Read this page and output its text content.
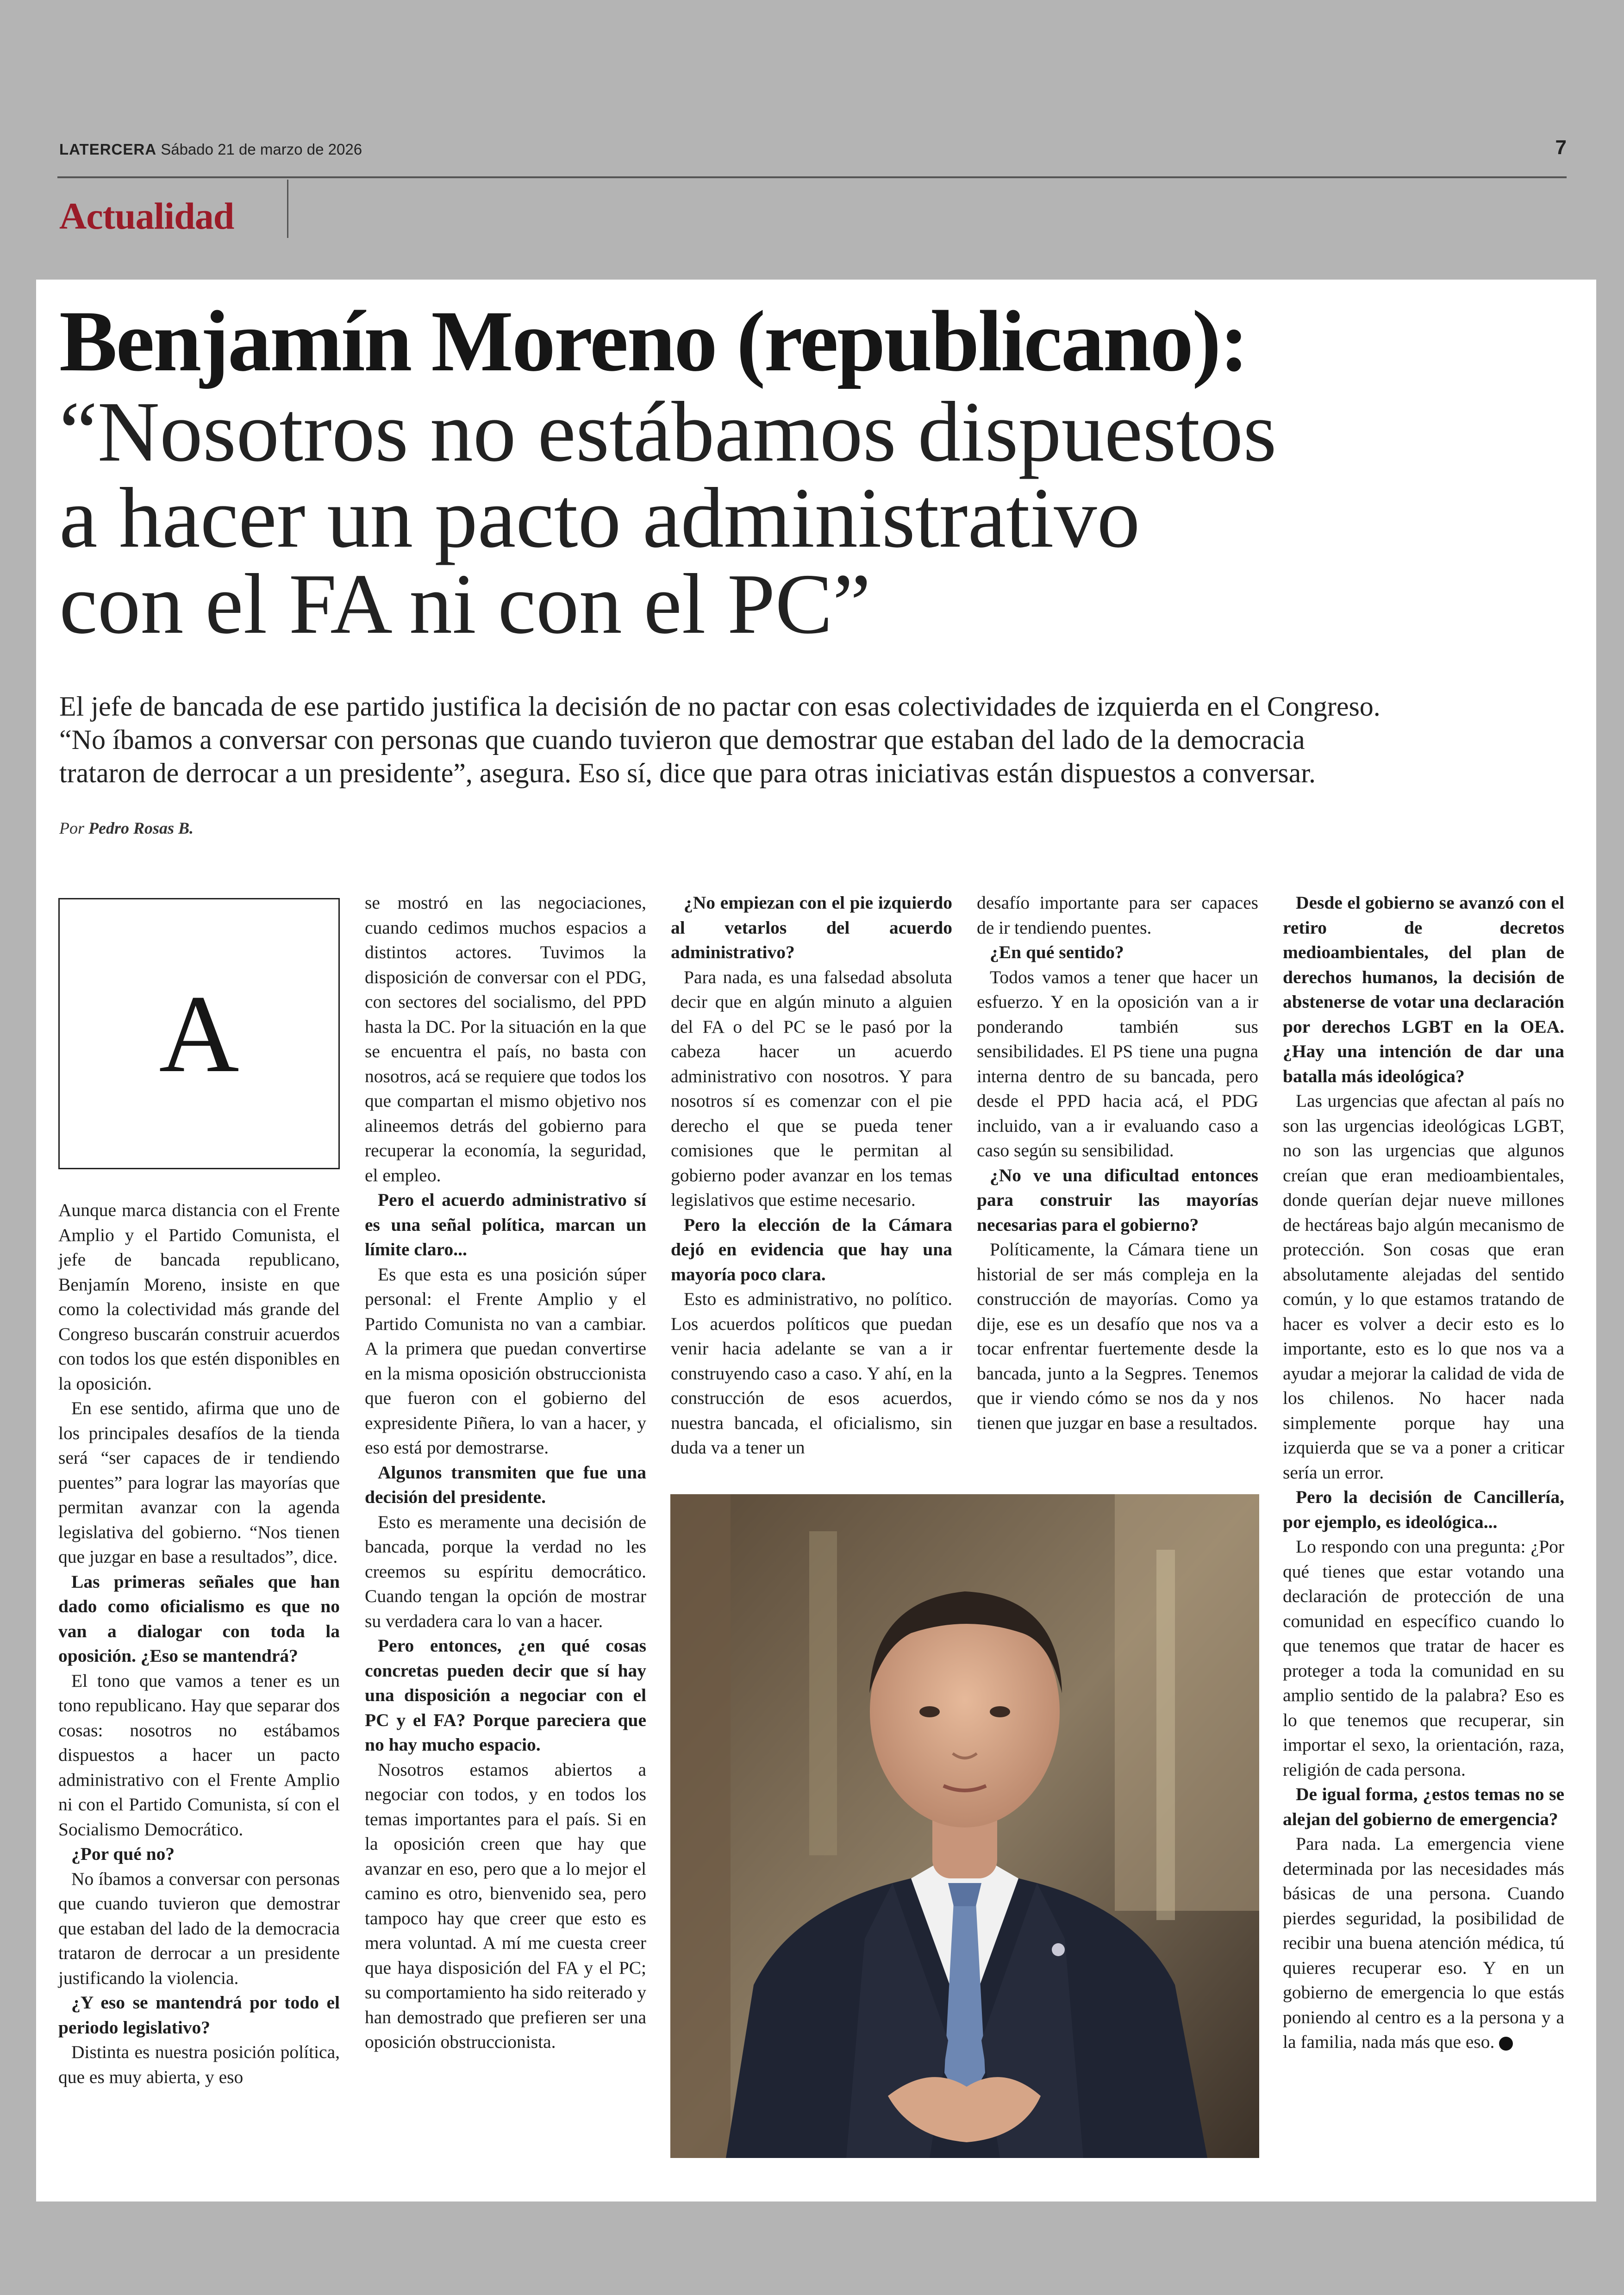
LATERCERA Sábado 21 de marzo de 2026	7
Actualidad
Benjamín Moreno (republicano):
“Nosotros no estábamos dispuestos
a hacer un pacto administrativo
con el FA ni con el PC”
El jefe de bancada de ese partido justifica la decisión de no pactar con esas colectividades de izquierda en el Congreso.
“No íbamos a conversar con personas que cuando tuvieron que demostrar que estaban del lado de la democracia
trataron de derrocar a un presidente”, asegura. Eso sí, dice que para otras iniciativas están dispuestos a conversar.
Por Pedro Rosas B.
A

Aunque marca distancia con el Frente Amplio y el Partido Comunista, el jefe de bancada republicano, Benjamín Moreno, insiste en que como la colectividad más grande del Congreso buscarán construir acuerdos con todos los que estén disponibles en la oposición.

En ese sentido, afirma que uno de los principales desafíos de la tienda será “ser capaces de ir tendiendo puentes” para lograr las mayorías que permitan avanzar con la agenda legislativa del gobierno. “Nos tienen que juzgar en base a resultados”, dice.

Las primeras señales que han dado como oficialismo es que no van a dialogar con toda la oposición. ¿Eso se mantendrá?

El tono que vamos a tener es un tono republicano. Hay que separar dos cosas: nosotros no estábamos dispuestos a hacer un pacto administrativo con el Frente Amplio ni con el Partido Comunista, sí con el Socialismo Democrático.

¿Por qué no?

No íbamos a conversar con personas que cuando tuvieron que demostrar que estaban del lado de la democracia trataron de derrocar a un presidente justificando la violencia.

¿Y eso se mantendrá por todo el periodo legislativo?

Distinta es nuestra posición política, que es muy abierta, y eso

se mostró en las negociaciones, cuando cedimos muchos espacios a distintos actores. Tuvimos la disposición de conversar con el PDG, con sectores del socialismo, del PPD hasta la DC. Por la situación en la que se encuentra el país, no basta con nosotros, acá se requiere que todos los que compartan el mismo objetivo nos alineemos detrás del gobierno para recuperar la economía, la seguridad, el empleo.

Pero el acuerdo administrativo sí es una señal política, marcan un límite claro...

Es que esta es una posición súper personal: el Frente Amplio y el Partido Comunista no van a cambiar. A la primera que puedan convertirse en la misma oposición obstruccionista que fueron con el gobierno del expresidente Piñera, lo van a hacer, y eso está por demostrarse.

Algunos transmiten que fue una decisión del presidente.

Esto es meramente una decisión de bancada, porque la verdad no les creemos su espíritu democrático. Cuando tengan la opción de mostrar su verdadera cara lo van a hacer.

Pero entonces, ¿en qué cosas concretas pueden decir que sí hay una disposición a negociar con el PC y el FA? Porque pareciera que no hay mucho espacio.

Nosotros estamos abiertos a negociar con todos, y en todos los temas importantes para el país. Si en la oposición creen que hay que avanzar en eso, pero que a lo mejor el camino es otro, bienvenido sea, pero tampoco hay que creer que esto es mera voluntad. A mí me cuesta creer que haya disposición del FA y el PC; su comportamiento ha sido reiterado y han demostrado que prefieren ser una oposición obstruccionista.

¿No empiezan con el pie izquierdo al vetarlos del acuerdo administrativo?

Para nada, es una falsedad absoluta decir que en algún minuto a alguien del FA o del PC se le pasó por la cabeza hacer un acuerdo administrativo con nosotros. Y para nosotros sí es comenzar con el pie derecho el que se pueda tener comisiones que le permitan al gobierno poder avanzar en los temas legislativos que estime necesario.

Pero la elección de la Cámara dejó en evidencia que hay una mayoría poco clara.

Esto es administrativo, no político. Los acuerdos políticos que puedan venir hacia adelante se van a ir construyendo caso a caso. Y ahí, en la construcción de esos acuerdos, nuestra bancada, el oficialismo, sin duda va a tener un

desafío importante para ser capaces de ir tendiendo puentes.

¿En qué sentido?

Todos vamos a tener que hacer un esfuerzo. Y en la oposición van a ir ponderando también sus sensibilidades. El PS tiene una pugna interna dentro de su bancada, pero desde el PPD hacia acá, el PDG incluido, van a ir evaluando caso a caso según su sensibilidad.

¿No ve una dificultad entonces para construir las mayorías necesarias para el gobierno?

Políticamente, la Cámara tiene un historial de ser más compleja en la construcción de mayorías. Como ya dije, ese es un desafío que nos va a tocar enfrentar fuertemente desde la bancada, junto a la Segpres. Tenemos que ir viendo cómo se nos da y nos tienen que juzgar en base a resultados.

Desde el gobierno se avanzó con el retiro de decretos medioambientales, del plan de derechos humanos, la decisión de abstenerse de votar una declaración por derechos LGBT en la OEA. ¿Hay una intención de dar una batalla más ideológica?

Las urgencias que afectan al país no son las urgencias ideológicas LGBT, no son las urgencias que algunos creían que eran medioambientales, donde querían dejar nueve millones de hectáreas bajo algún mecanismo de protección. Son cosas que eran absolutamente alejadas del sentido común, y lo que estamos tratando de hacer es volver a decir esto es lo importante, esto es lo que nos va a ayudar a mejorar la calidad de vida de los chilenos. No hacer nada simplemente porque hay una izquierda que se va a poner a criticar sería un error.

Pero la decisión de Cancillería, por ejemplo, es ideológica...

Lo respondo con una pregunta: ¿Por qué tienes que estar votando una declaración de protección de una comunidad en específico cuando lo que tenemos que tratar de hacer es proteger a toda la comunidad en su amplio sentido de la palabra? Eso es lo que tenemos que recuperar, sin importar el sexo, la orientación, raza, religión de cada persona.

De igual forma, ¿estos temas no se alejan del gobierno de emergencia?

Para nada. La emergencia viene determinada por las necesidades más básicas de una persona. Cuando pierdes seguridad, la posibilidad de recibir una buena atención médica, tú quieres recuperar eso. Y en un gobierno de emergencia lo que estás poniendo al centro es a la persona y a la familia, nada más que eso.
